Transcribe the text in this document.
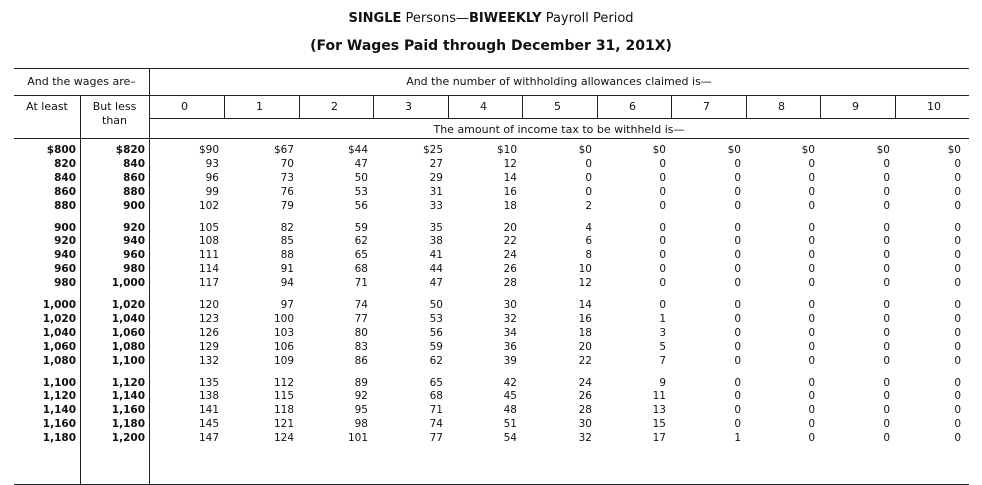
SINGLE Persons—BIWEEKLY Payroll Period
(For Wages Paid through December 31, 201X)
And the wages are–	And the number of withholding allowances claimed is—
At least	But less
than
The amount of income tax to be withheld is—
0	1	2	3	4	5	6	7	8	9	10
$800	$820	$90	$67	$44	$25	$10	$0	$0	$0	$0	$0	$0
820	840	93	70	47	27	12	0	0	0	0	0	0
840	860	96	73	50	29	14	0	0	0	0	0	0
860	880	99	76	53	31	16	0	0	0	0	0	0
880	900	102	79	56	33	18	2	0	0	0	0	0
900	920	105	82	59	35	20	4	0	0	0	0	0
920	940	108	85	62	38	22	6	0	0	0	0	0
940	960	111	88	65	41	24	8	0	0	0	0	0
960	980	114	91	68	44	26	10	0	0	0	0	0
980	1,000	117	94	71	47	28	12	0	0	0	0	0
1,000	1,020	120	97	74	50	30	14	0	0	0	0	0
1,020	1,040	123	100	77	53	32	16	1	0	0	0	0
1,040	1,060	126	103	80	56	34	18	3	0	0	0	0
1,060	1,080	129	106	83	59	36	20	5	0	0	0	0
1,080	1,100	132	109	86	62	39	22	7	0	0	0	0
1,100	1,120	135	112	89	65	42	24	9	0	0	0	0
1,120	1,140	138	115	92	68	45	26	11	0	0	0	0
1,140	1,160	141	118	95	71	48	28	13	0	0	0	0
1,160	1,180	145	121	98	74	51	30	15	0	0	0	0
1,180	1,200	147	124	101	77	54	32	17	1	0	0	0
